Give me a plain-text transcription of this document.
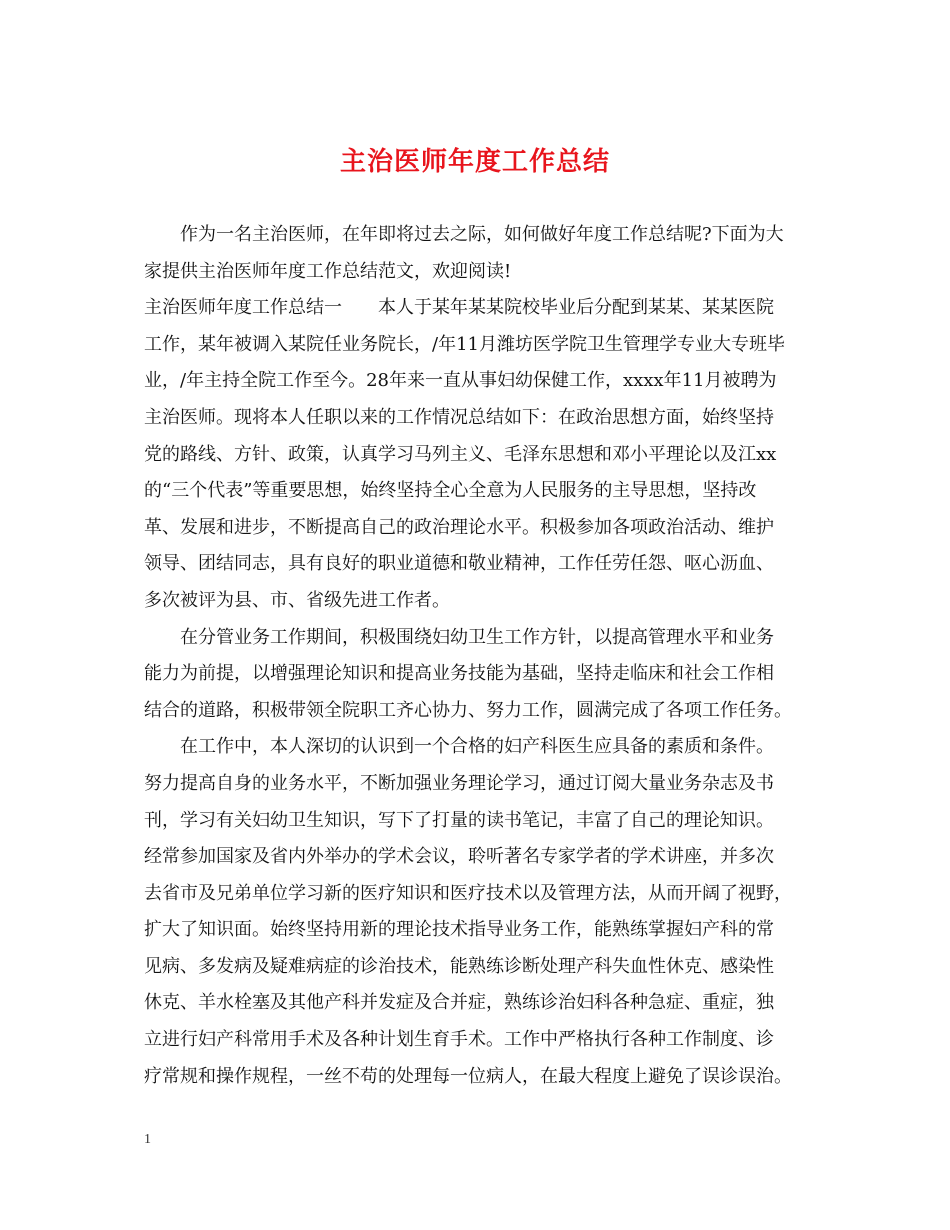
主治医师年度工作总结
作为一名主治医师，在年即将过去之际，如何做好年度工作总结呢?下面为大
家提供主治医师年度工作总结范文，欢迎阅读!
主治医师年度工作总结一　　本人于某年某某院校毕业后分配到某某、某某医院
工作，某年被调入某院任业务院长，/年11月潍坊医学院卫生管理学专业大专班毕
业，/年主持全院工作至今。28年来一直从事妇幼保健工作，xxxx年11月被聘为
主治医师。现将本人任职以来的工作情况总结如下：在政治思想方面，始终坚持
党的路线、方针、政策，认真学习马列主义、毛泽东思想和邓小平理论以及江xx
的“三个代表”等重要思想，始终坚持全心全意为人民服务的主导思想，坚持改
革、发展和进步，不断提高自己的政治理论水平。积极参加各项政治活动、维护
领导、团结同志，具有良好的职业道德和敬业精神，工作任劳任怨、呕心沥血、
多次被评为县、市、省级先进工作者。
在分管业务工作期间，积极围绕妇幼卫生工作方针，以提高管理水平和业务
能力为前提，以增强理论知识和提高业务技能为基础，坚持走临床和社会工作相
结合的道路，积极带领全院职工齐心协力、努力工作，圆满完成了各项工作任务。
在工作中，本人深切的认识到一个合格的妇产科医生应具备的素质和条件。
努力提高自身的业务水平，不断加强业务理论学习，通过订阅大量业务杂志及书
刊，学习有关妇幼卫生知识，写下了打量的读书笔记，丰富了自己的理论知识。
经常参加国家及省内外举办的学术会议，聆听著名专家学者的学术讲座，并多次
去省市及兄弟单位学习新的医疗知识和医疗技术以及管理方法，从而开阔了视野，
扩大了知识面。始终坚持用新的理论技术指导业务工作，能熟练掌握妇产科的常
见病、多发病及疑难病症的诊治技术，能熟练诊断处理产科失血性休克、感染性
休克、羊水栓塞及其他产科并发症及合并症，熟练诊治妇科各种急症、重症，独
立进行妇产科常用手术及各种计划生育手术。工作中严格执行各种工作制度、诊
疗常规和操作规程，一丝不苟的处理每一位病人，在最大程度上避免了误诊误治。
1
